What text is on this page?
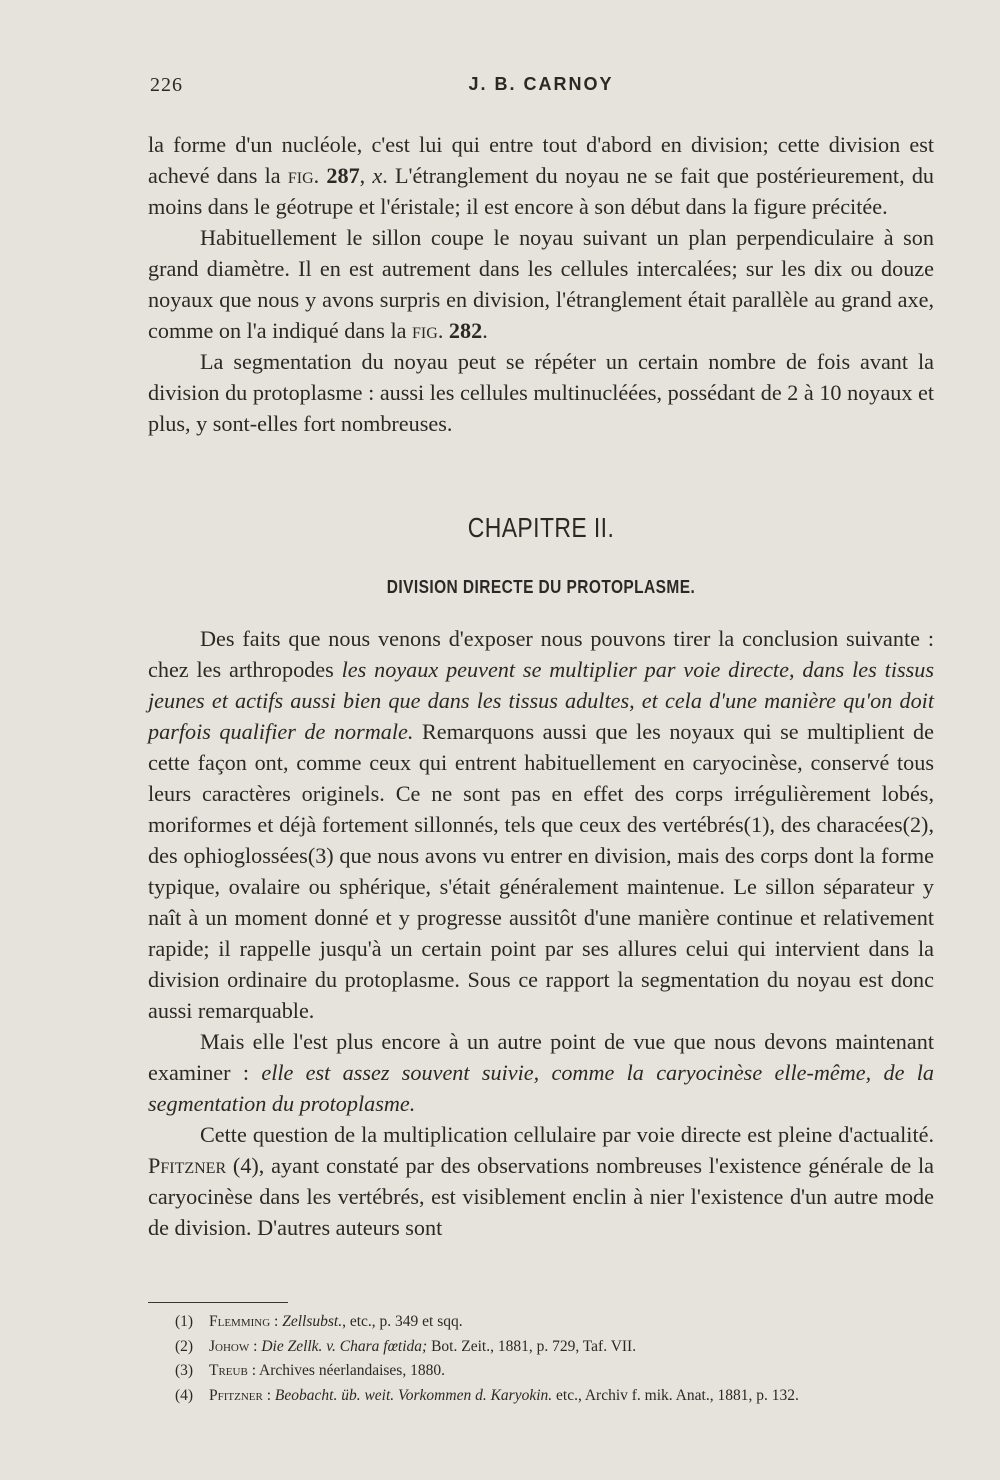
226	J. B. CARNOY

la forme d'un nucléole, c'est lui qui entre tout d'abord en division; cette division est achevé dans la fig. 287, x. L'étranglement du noyau ne se fait que postérieurement, du moins dans le géotrupe et l'éristale; il est encore à son début dans la figure précitée.

Habituellement le sillon coupe le noyau suivant un plan perpendiculaire à son grand diamètre. Il en est autrement dans les cellules intercalées; sur les dix ou douze noyaux que nous y avons surpris en division, l'étranglement était parallèle au grand axe, comme on l'a indiqué dans la fig. 282.

La segmentation du noyau peut se répéter un certain nombre de fois avant la division du protoplasme : aussi les cellules multinucléées, possédant de 2 à 10 noyaux et plus, y sont-elles fort nombreuses.

CHAPITRE II.
DIVISION DIRECTE DU PROTOPLASME.

Des faits que nous venons d'exposer nous pouvons tirer la conclusion suivante : chez les arthropodes les noyaux peuvent se multiplier par voie directe, dans les tissus jeunes et actifs aussi bien que dans les tissus adultes, et cela d'une manière qu'on doit parfois qualifier de normale. Remarquons aussi que les noyaux qui se multiplient de cette façon ont, comme ceux qui entrent habituellement en caryocinèse, conservé tous leurs caractères originels. Ce ne sont pas en effet des corps irrégulièrement lobés, moriformes et déjà fortement sillonnés, tels que ceux des vertébrés(1), des characées(2), des ophioglossées(3) que nous avons vu entrer en division, mais des corps dont la forme typique, ovalaire ou sphérique, s'était généralement maintenue. Le sillon séparateur y naît à un moment donné et y progresse aussitôt d'une manière continue et relativement rapide; il rappelle jusqu'à un certain point par ses allures celui qui intervient dans la division ordinaire du protoplasme. Sous ce rapport la segmentation du noyau est donc aussi remarquable.

Mais elle l'est plus encore à un autre point de vue que nous devons maintenant examiner : elle est assez souvent suivie, comme la caryocinèse elle-même, de la segmentation du protoplasme.

Cette question de la multiplication cellulaire par voie directe est pleine d'actualité. Pfitzner (4), ayant constaté par des observations nombreuses l'existence générale de la caryocinèse dans les vertébrés, est visiblement enclin à nier l'existence d'un autre mode de division. D'autres auteurs sont

(1) Flemming : Zellsubst., etc., p. 349 et sqq.
(2) Johow : Die Zellk. v. Chara fœtida; Bot. Zeit., 1881, p. 729, Taf. VII.
(3) Treub : Archives néerlandaises, 1880.
(4) Pfitzner : Beobacht. üb. weit. Vorkommen d. Karyokin. etc., Archiv f. mik. Anat., 1881, p. 132.
